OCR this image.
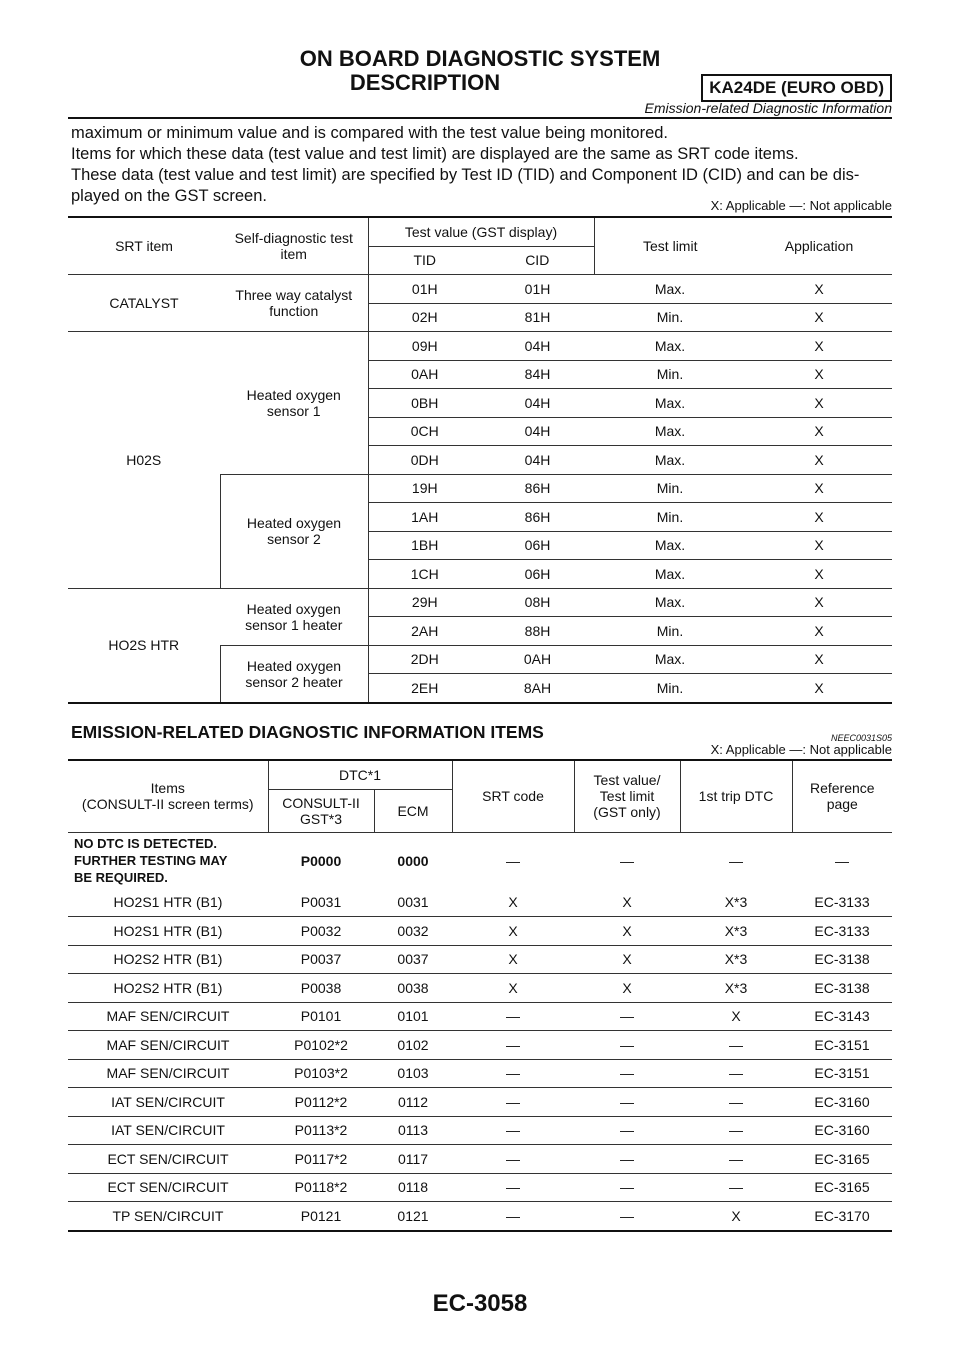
ON BOARD DIAGNOSTIC SYSTEM
DESCRIPTION	KA24DE (EURO OBD)
Emission-related Diagnostic Information
maximum or minimum value and is compared with the test value being monitored.
Items for which these data (test value and test limit) are displayed are the same as SRT code items.
These data (test value and test limit) are specified by Test ID (TID) and Component ID (CID) and can be dis-
played on the GST screen.
X: Applicable —: Not applicable
SRT item	Self-diagnostic test item	Test value (GST display)		Test limit	Application
		TID	CID		
CATALYST	Three way catalyst function	01H	01H	Max.	X
		02H	81H	Min.	X
H02S	Heated oxygen sensor 1	09H	04H	Max.	X
		0AH	84H	Min.	X
		0BH	04H	Max.	X
		0CH	04H	Max.	X
		0DH	04H	Max.	X
	Heated oxygen sensor 2	19H	86H	Min.	X
		1AH	86H	Min.	X
		1BH	06H	Max.	X
		1CH	06H	Max.	X
HO2S HTR	Heated oxygen sensor 1 heater	29H	08H	Max.	X
		2AH	88H	Min.	X
	Heated oxygen sensor 2 heater	2DH	0AH	Max.	X
		2EH	8AH	Min.	X
EMISSION-RELATED DIAGNOSTIC INFORMATION ITEMS	NEEC0031S05
X: Applicable —: Not applicable
Items
(CONSULT-II screen terms)	DTC*1		SRT code	Test value/
Test limit
(GST only)	1st trip DTC	Reference
page
	CONSULT-II
GST*3	ECM				
NO DTC IS DETECTED.
FURTHER TESTING MAY
BE REQUIRED.	P0000	0000	—	—	—	—
HO2S1 HTR (B1)	P0031	0031	X	X	X*3	EC-3133
HO2S1 HTR (B1)	P0032	0032	X	X	X*3	EC-3133
HO2S2 HTR (B1)	P0037	0037	X	X	X*3	EC-3138
HO2S2 HTR (B1)	P0038	0038	X	X	X*3	EC-3138
MAF SEN/CIRCUIT	P0101	0101	—	—	X	EC-3143
MAF SEN/CIRCUIT	P0102*2	0102	—	—	—	EC-3151
MAF SEN/CIRCUIT	P0103*2	0103	—	—	—	EC-3151
IAT SEN/CIRCUIT	P0112*2	0112	—	—	—	EC-3160
IAT SEN/CIRCUIT	P0113*2	0113	—	—	—	EC-3160
ECT SEN/CIRCUIT	P0117*2	0117	—	—	—	EC-3165
ECT SEN/CIRCUIT	P0118*2	0118	—	—	—	EC-3165
TP SEN/CIRCUIT	P0121	0121	—	—	X	EC-3170
EC-3058
